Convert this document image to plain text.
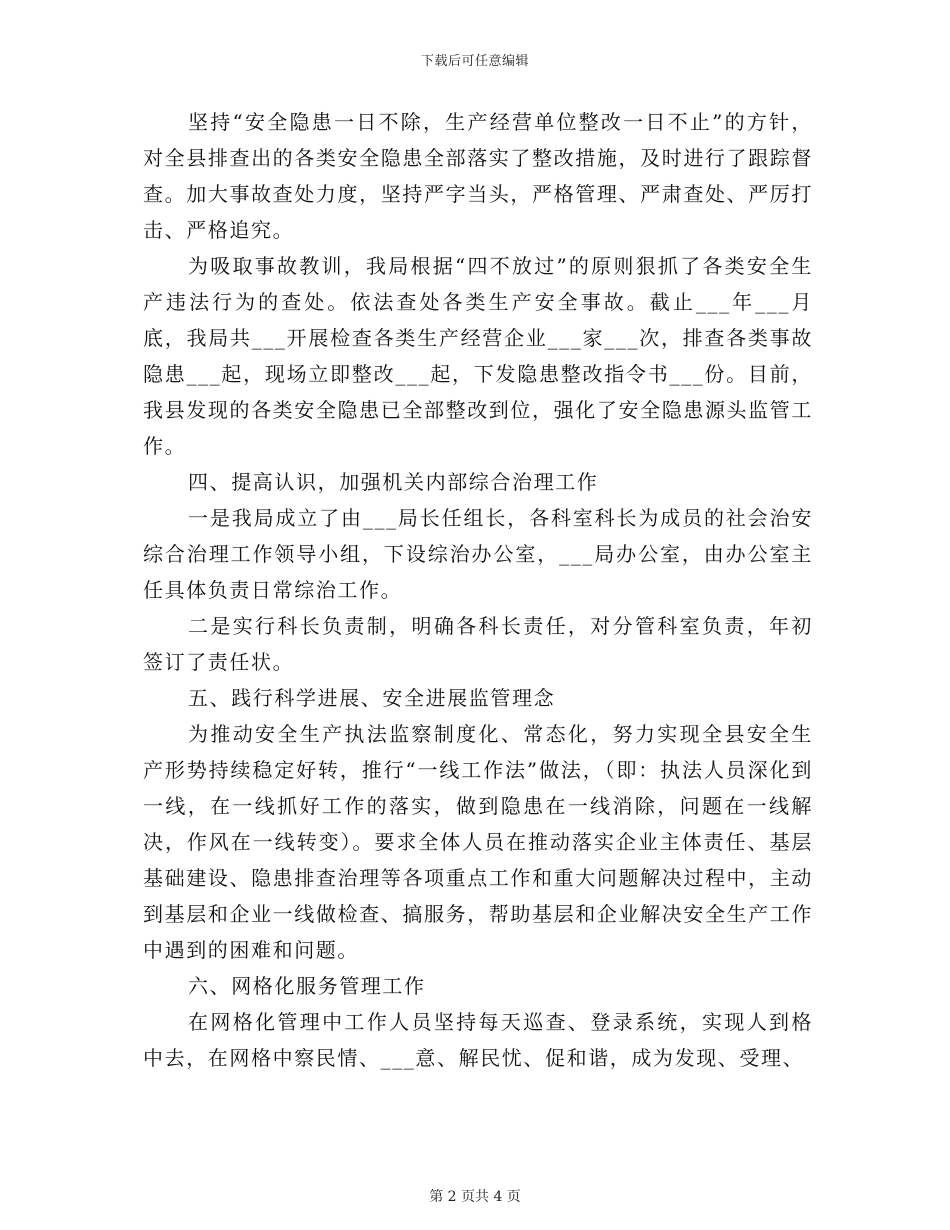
下载后可任意编辑

坚持“安全隐患一日不除，生产经营单位整改一日不止”的方针，对全县排查出的各类安全隐患全部落实了整改措施，及时进行了跟踪督查。加大事故查处力度，坚持严字当头，严格管理、严肃查处、严厉打击、严格追究。

为吸取事故教训，我局根据“四不放过”的原则狠抓了各类安全生产违法行为的查处。依法查处各类生产安全事故。截止___年___月底，我局共___开展检查各类生产经营企业___家___次，排查各类事故隐患___起，现场立即整改___起，下发隐患整改指令书___份。目前，我县发现的各类安全隐患已全部整改到位，强化了安全隐患源头监管工作。

四、提高认识，加强机关内部综合治理工作

一是我局成立了由___局长任组长，各科室科长为成员的社会治安综合治理工作领导小组，下设综治办公室，___局办公室，由办公室主任具体负责日常综治工作。

二是实行科长负责制，明确各科长责任，对分管科室负责，年初签订了责任状。

五、践行科学进展、安全进展监管理念

为推动安全生产执法监察制度化、常态化，努力实现全县安全生产形势持续稳定好转，推行“一线工作法”做法，（即：执法人员深化到一线，在一线抓好工作的落实，做到隐患在一线消除，问题在一线解决，作风在一线转变）。要求全体人员在推动落实企业主体责任、基层基础建设、隐患排查治理等各项重点工作和重大问题解决过程中，主动到基层和企业一线做检查、搞服务，帮助基层和企业解决安全生产工作中遇到的困难和问题。

六、网格化服务管理工作

在网格化管理中工作人员坚持每天巡查、登录系统，实现人到格中去，在网格中察民情、___意、解民忧、促和谐，成为发现、受理、

第 2 页共 4 页
